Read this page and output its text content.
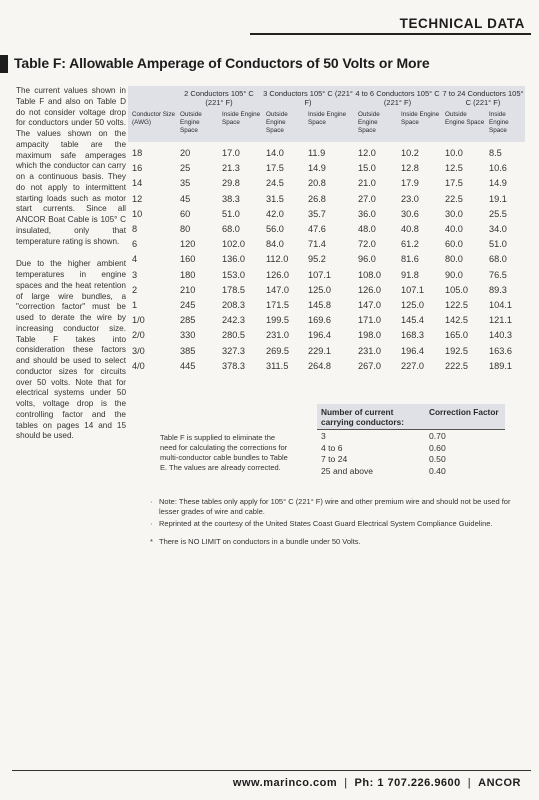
TECHNICAL DATA
Table F: Allowable Amperage of Conductors of 50 Volts or More

The current values shown in Table F and also on Table D do not consider voltage drop for conductors under 50 volts. The values shown on the ampacity table are the maximum safe amperages which the conductor can carry on a continuous basis. They do not apply to intermittent starting loads such as motor start currents. Since all ANCOR Boat Cable is 105° C insulated, only that temperature rating is shown.

Due to the higher ambient temperatures in engine spaces and the heat retention of large wire bundles, a "correction factor" must be used to derate the wire by increasing conductor size. Table F takes into consideration these factors and should be used to select conductor sizes for circuits over 50 volts. Note that for electrical systems under 50 volts, voltage drop is the controlling factor and the tables on pages 14 and 15 should be used.

	2 Conductors 105° C (221° F)		3 Conductors 105° C (221° F)		4 to 6 Conductors 105° C (221° F)		7 to 24 Conductors 105° C (221° F)	
Conductor Size (AWG)	Outside Engine Space	Inside Engine Space	Outside Engine Space	Inside Engine Space	Outside Engine Space	Inside Engine Space	Outside Engine Space	Inside Engine Space
18	20	17.0	14.0	11.9	12.0	10.2	10.0	8.5
16	25	21.3	17.5	14.9	15.0	12.8	12.5	10.6
14	35	29.8	24.5	20.8	21.0	17.9	17.5	14.9
12	45	38.3	31.5	26.8	27.0	23.0	22.5	19.1
10	60	51.0	42.0	35.7	36.0	30.6	30.0	25.5
8	80	68.0	56.0	47.6	48.0	40.8	40.0	34.0
6	120	102.0	84.0	71.4	72.0	61.2	60.0	51.0
4	160	136.0	112.0	95.2	96.0	81.6	80.0	68.0
3	180	153.0	126.0	107.1	108.0	91.8	90.0	76.5
2	210	178.5	147.0	125.0	126.0	107.1	105.0	89.3
1	245	208.3	171.5	145.8	147.0	125.0	122.5	104.1
1/0	285	242.3	199.5	169.6	171.0	145.4	142.5	121.1
2/0	330	280.5	231.0	196.4	198.0	168.3	165.0	140.3
3/0	385	327.3	269.5	229.1	231.0	196.4	192.5	163.6
4/0	445	378.3	311.5	264.8	267.0	227.0	222.5	189.1
Table F is supplied to eliminate the need for calculating the corrections for multi-conductor cable bundles to Table E. The values are already corrected.
Number of current carrying conductors:	Correction Factor
3	0.70
4 to 6	0.60
7 to 24	0.50
25 and above	0.40
· Note: These tables only apply for 105° C (221° F) wire and other premium wire and should not be used for lesser grades of wire and cable.
· Reprinted at the courtesy of the United States Coast Guard Electrical System Compliance Guideline.
* There is NO LIMIT on conductors in a bundle under 50 Volts.
www.marinco.com | Ph: 1 707.226.9600 | ANCOR
